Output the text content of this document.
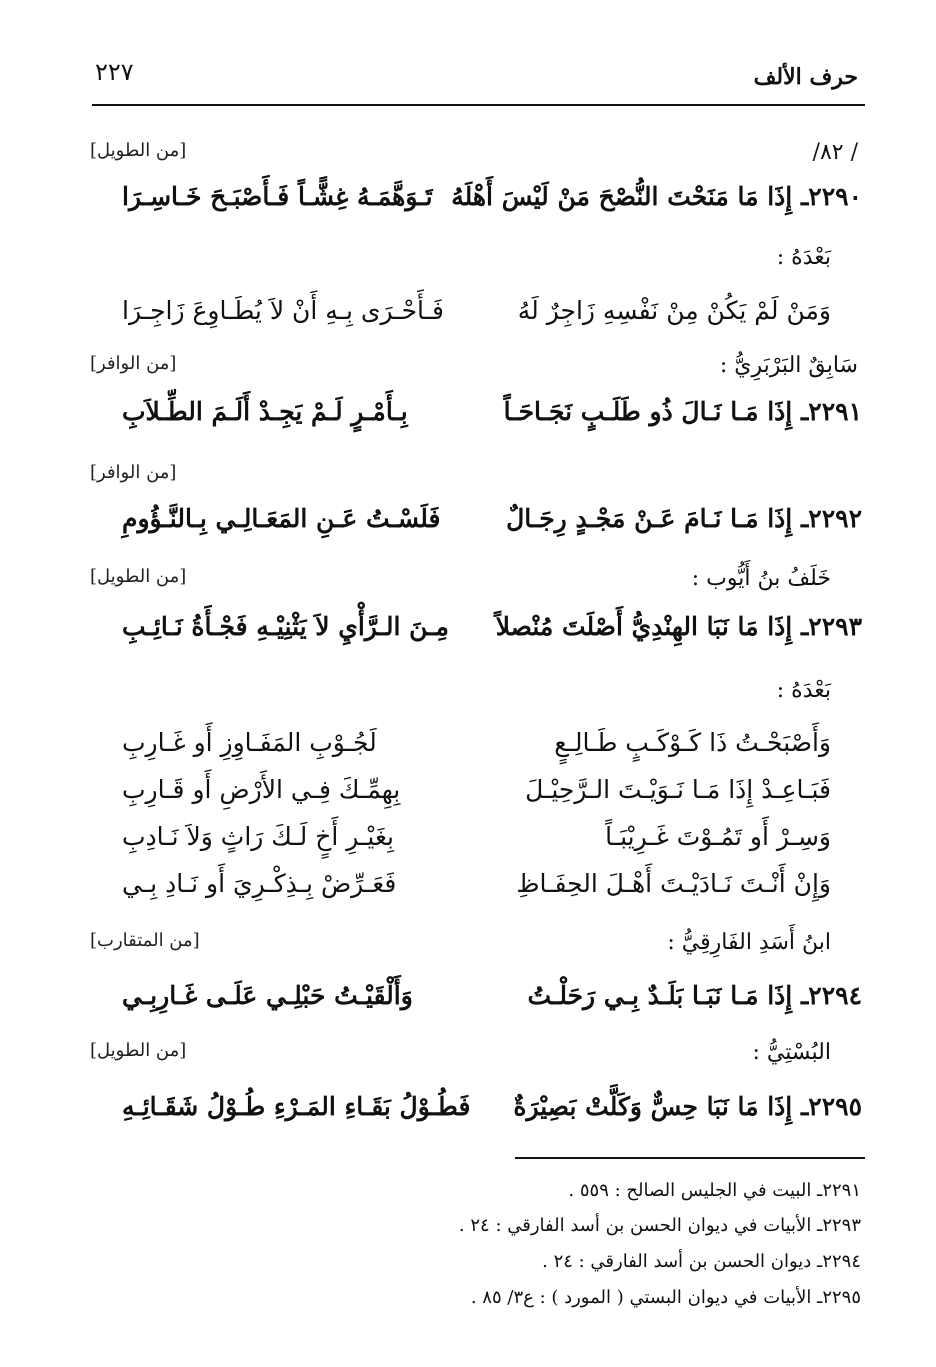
٢٢٧	حرف الألف
/ ٨٢/
[من الطويل]
٢٢٩٠ـ إِذَا مَا مَنَحْتَ النُّصْحَ مَنْ لَيْسَ أَهْلَهُ
تَـوَهَّمَـهُ غِشًّـاً فَـأَصْبَـحَ خَـاسِـرَا
بَعْدَهُ :
وَمَنْ لَمْ يَكُنْ مِنْ نَفْسِهِ زَاجِرٌ لَهُ
فَـأَحْـرَى بِـهِ أَنْ لاَ يُطَـاوِعَ زَاجِـرَا
سَابِقٌ البَرْبَرِيُّ :
[من الوافر]
٢٢٩١ـ إِذَا مَـا نَـالَ ذُو طَلَـبٍ نَجَـاحَـاً
بِـأَمْـرٍ لَـمْ يَجِـدْ أَلَـمَ الطِّـلاَبِ
[من الوافر]
٢٢٩٢ـ إِذَا مَـا نَـامَ عَـنْ مَجْـدٍ رِجَـالٌ
فَلَسْـتُ عَـنِ المَعَـالِـي بِـالنَّـؤُومِ
خَلَفُ بنُ أَيُّوب :
[من الطويل]
٢٢٩٣ـ إِذَا مَا نَبَا الهِنْدِيُّ أَصْلَتَ مُنْصلاً
مِـنَ الـرَّأْيِ لاَ يَثْنِيْـهِ فَجْـأَةُ نَـائِـبِ
بَعْدَهُ :
وَأَصْبَحْـتُ ذَا كَـوْكَـبٍ طَـالِـعٍ
لَجُـوْبِ المَفَـاوِزِ أَو غَـارِبِ
فَبَـاعِـدْ إِذَا مَـا نَـوَيْـتَ الـرَّحِيْـلَ
بِهِمِّـكَ فِـي الأَرْضِ أَو قَـارِبِ
وَسِـرْ أَو تَمُـوْتَ غَـرِيْبَـاً
بِغَيْـرِ أَخٍ لَـكَ رَاثٍ وَلاَ نَـادِبِ
وَإِنْ أَنْـتَ نَـادَيْـتَ أَهْـلَ الحِفَـاظِ
فَعَـرِّضْ بِـذِكْـرِيَ أَو نَـادِ بِـي
ابنُ أَسَدِ الفَارِقِيُّ :
[من المتقارب]
٢٢٩٤ـ إِذَا مَـا نَبَـا بَلَـدٌ بِـي رَحَلْـتُ
وَأَلْقَيْـتُ حَبْلِـي عَلَـى غَـارِبِـي
البُسْتِيُّ :
[من الطويل]
٢٢٩٥ـ إِذَا مَا نَبَا حِسٌّ وَكَلَّتْ بَصِيْرَةٌ
فَطُـوْلُ بَقَـاءِ المَـرْءِ طُـوْلُ شَقَـائِـهِ
٢٢٩١ـ البيت في الجليس الصالح : ٥٥٩ .
٢٢٩٣ـ الأبيات في ديوان الحسن بن أسد الفارقي : ٢٤ .
٢٢٩٤ـ ديوان الحسن بن أسد الفارقي : ٢٤ .
٢٢٩٥ـ الأبيات في ديوان البستي ( المورد ) : ع٣/ ٨٥ .
